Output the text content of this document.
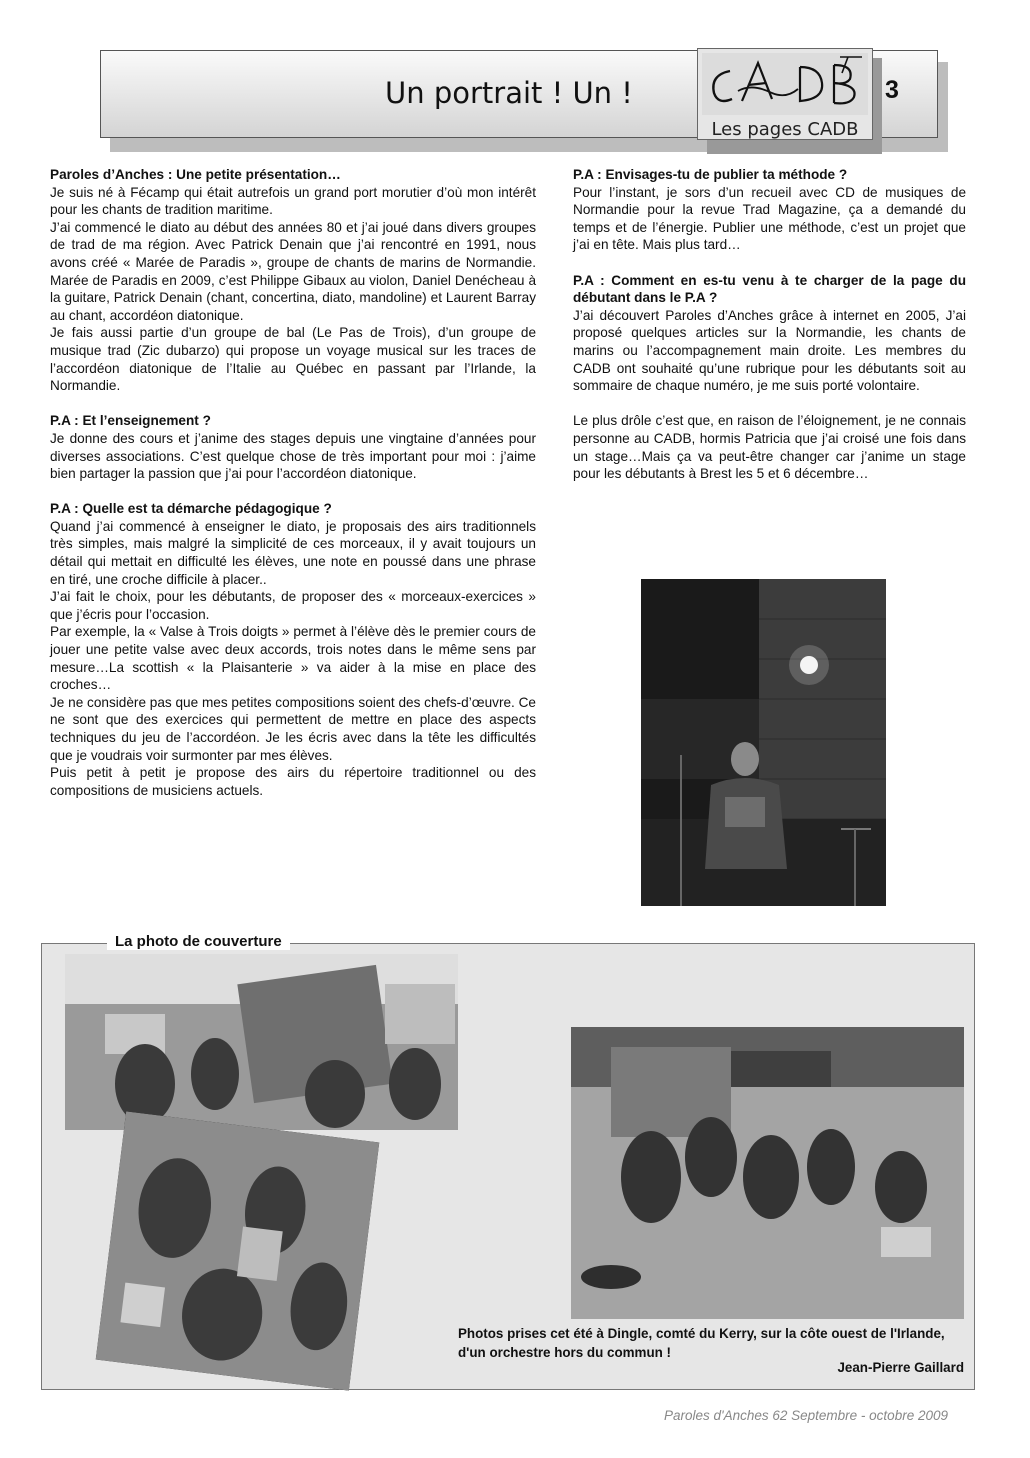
Un portrait ! Un !
Les pages CADB
3

Paroles d’Anches : Une petite présentation…

Je suis né à Fécamp qui était autrefois un grand port morutier d’où mon intérêt pour les chants de tradition maritime.

J’ai commencé le diato au début des années 80 et j’ai joué dans divers groupes de trad de ma région. Avec Patrick Denain que j’ai rencontré en 1991, nous avons créé « Marée de Paradis », groupe de chants de marins de Normandie. Marée de Paradis en 2009, c’est Philippe Gibaux au violon, Daniel Denécheau à la guitare, Patrick Denain (chant, concertina, diato, mandoline) et Laurent Barray au chant, accordéon diatonique.

Je fais aussi partie d’un groupe de bal (Le Pas de Trois), d’un groupe de musique trad (Zic dubarzo) qui propose un voyage musical sur les traces de l’accordéon diatonique de l’Italie au Québec en passant par l’Irlande, la Normandie.

P.A : Et l’enseignement ?

Je donne des cours et j’anime des stages depuis une vingtaine d’années pour diverses associations. C’est quelque chose de très important pour moi : j’aime bien partager la passion que j’ai pour l’accordéon diatonique.

P.A : Quelle est ta démarche pédagogique ?

Quand j’ai commencé à enseigner le diato, je proposais des airs traditionnels très simples, mais malgré la simplicité de ces morceaux, il y avait toujours un détail qui mettait en difficulté les élèves, une note en poussé dans une phrase en tiré, une croche difficile à placer..

J’ai fait le choix, pour les débutants, de proposer des « morceaux-exercices » que j’écris pour l’occasion.

Par exemple, la « Valse à Trois doigts » permet à l’élève dès le premier cours de jouer une petite valse avec deux accords, trois notes dans le même sens par mesure…La scottish « la Plaisanterie » va aider à la mise en place des croches…

Je ne considère pas que mes petites compositions soient des chefs-d’œuvre. Ce ne sont que des exercices qui permettent de mettre en place des aspects techniques du jeu de l’accordéon. Je les écris avec dans la tête les difficultés que je voudrais voir surmonter par mes élèves.

Puis petit à petit je propose des airs du répertoire traditionnel ou des compositions de musiciens actuels.

P.A : Envisages-tu de publier ta méthode ?

Pour l’instant, je sors d’un recueil avec CD de musiques de Normandie pour la revue Trad Magazine, ça a demandé du temps et de l’énergie. Publier une méthode, c’est un projet que j’ai en tête. Mais plus tard…

P.A : Comment en es-tu venu à te charger de la page du débutant dans le P.A ?

J’ai découvert Paroles d’Anches grâce à internet en 2005, J’ai proposé quelques articles sur la Normandie, les chants de marins ou l’accompagnement main droite. Les membres du CADB ont souhaité qu’une rubrique pour les débutants soit au sommaire de chaque numéro, je me suis porté volontaire.

Le plus drôle c’est que, en raison de l’éloignement, je ne connais personne au CADB, hormis Patricia que j’ai croisé une fois dans un stage…Mais ça va peut-être changer car j’anime un stage pour les débutants à Brest les 5 et 6 décembre…

La photo de couverture
Photos prises cet été à Dingle, comté du Kerry, sur la côte ouest de l'Irlande, d'un orchestre hors du commun !
Jean-Pierre Gaillard
Paroles d'Anches 62 Septembre - octobre 2009
